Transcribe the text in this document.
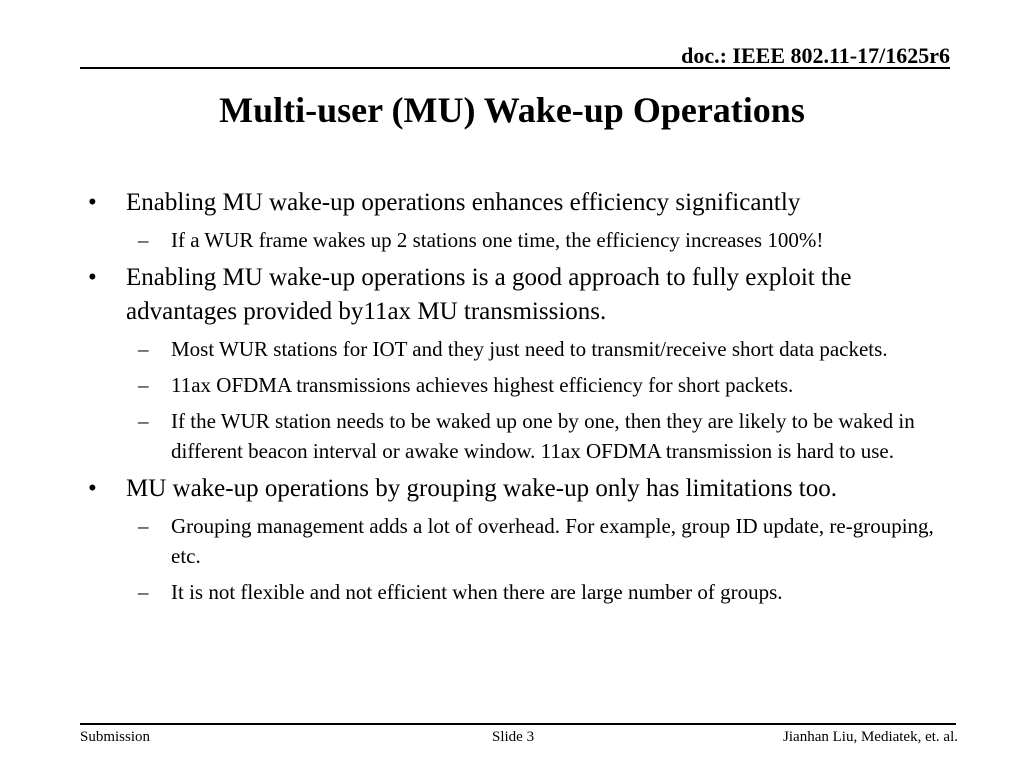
doc.: IEEE 802.11-17/1625r6
Multi-user (MU) Wake-up Operations
• Enabling MU wake-up operations enhances efficiency significantly
– If a WUR frame wakes up 2 stations one time, the efficiency increases 100%!
• Enabling MU wake-up operations is a good approach to fully exploit the advantages provided by11ax MU transmissions.
– Most WUR stations for IOT and they just need to transmit/receive short data packets.
– 11ax OFDMA transmissions achieves highest efficiency for short packets.
– If the WUR station needs to be waked up one by one, then they are likely to be waked in different beacon interval or awake window. 11ax OFDMA transmission is hard to use.
• MU wake-up operations by grouping wake-up only has limitations too.
– Grouping management adds a lot of overhead. For example, group ID update, re-grouping, etc.
– It is not flexible and not efficient when there are large number of groups.
Submission	Slide 3	Jianhan Liu, Mediatek, et. al.
